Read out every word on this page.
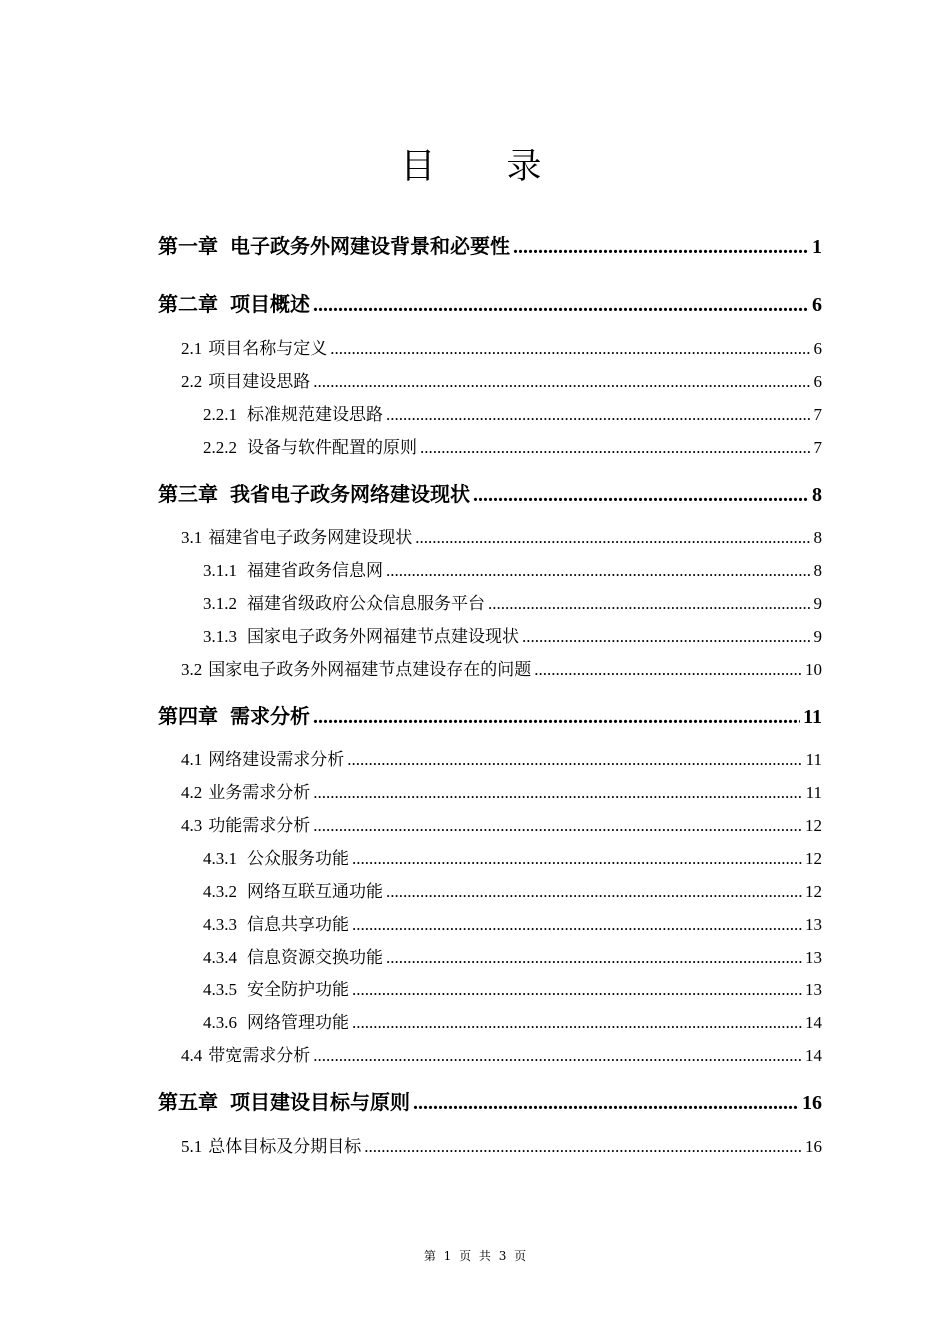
目 录
第一章 电子政务外网建设背景和必要性 .....	1
第二章 项目概述 .....	6
2.1 项目名称与定义 .....	6
2.2 项目建设思路 .....	6
2.2.1 标准规范建设思路 .....	7
2.2.2 设备与软件配置的原则 .....	7
第三章 我省电子政务网络建设现状 .....	8
3.1 福建省电子政务网建设现状 .....	8
3.1.1 福建省政务信息网 .....	8
3.1.2 福建省级政府公众信息服务平台 .....	9
3.1.3 国家电子政务外网福建节点建设现状 .....	9
3.2 国家电子政务外网福建节点建设存在的问题 .....	10
第四章 需求分析 .....	11
4.1 网络建设需求分析 .....	11
4.2 业务需求分析 .....	11
4.3 功能需求分析 .....	12
4.3.1 公众服务功能 .....	12
4.3.2 网络互联互通功能 .....	12
4.3.3 信息共享功能 .....	13
4.3.4 信息资源交换功能 .....	13
4.3.5 安全防护功能 .....	13
4.3.6 网络管理功能 .....	14
4.4 带宽需求分析 .....	14
第五章 项目建设目标与原则 .....	16
5.1 总体目标及分期目标 .....	16
第 1 页 共 3 页
